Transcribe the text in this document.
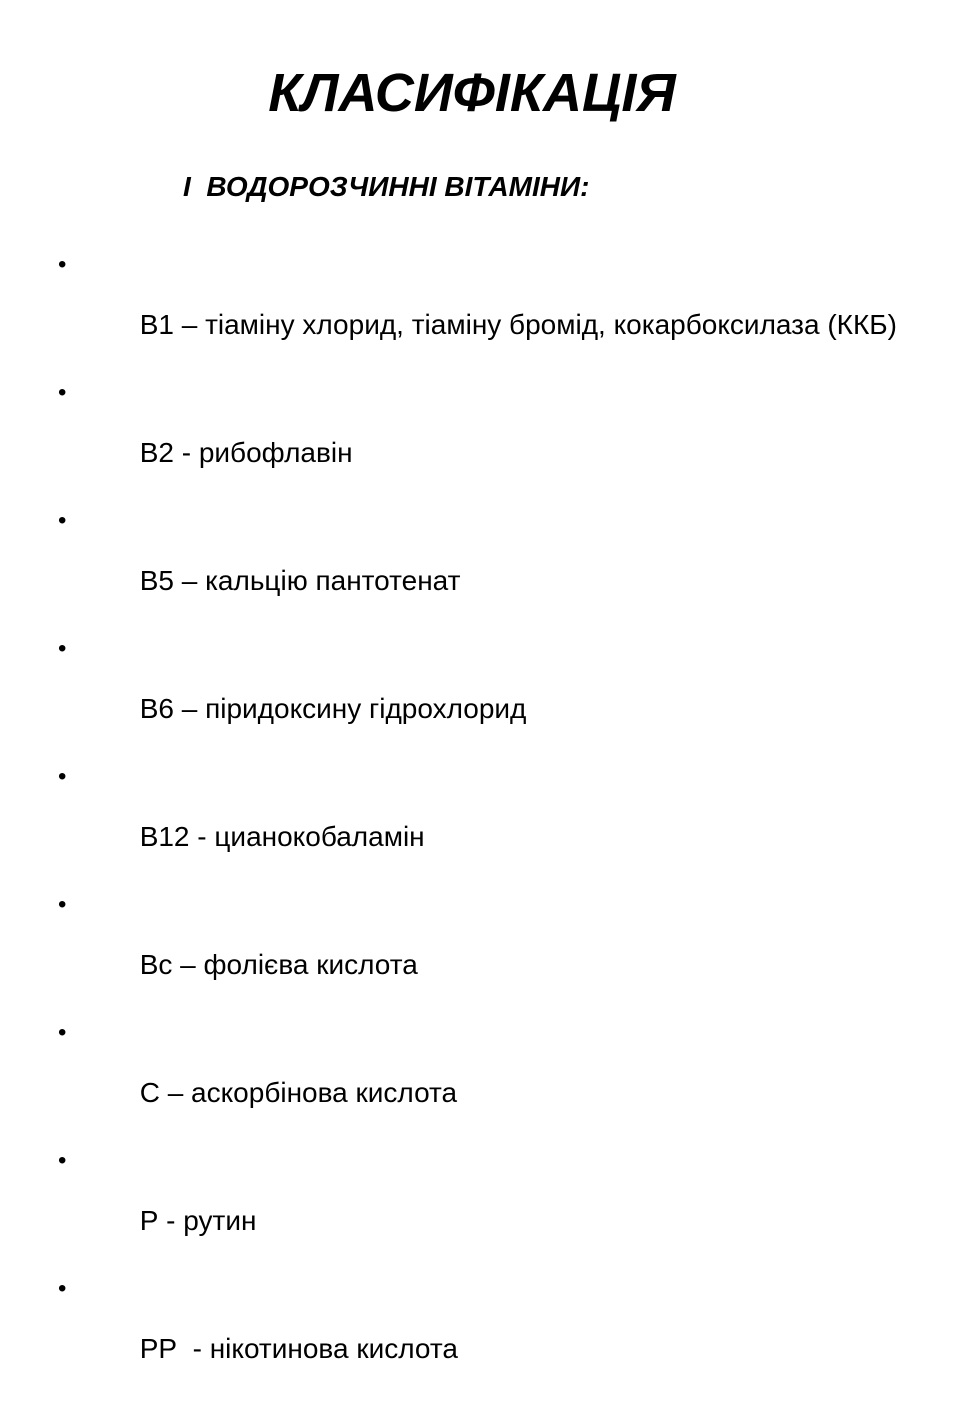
КЛАСИФІКАЦІЯ
І  ВОДОРОЗЧИННІ ВІТАМІНИ:

•

В1 – тіаміну хлорид, тіаміну бромід, кокарбоксилаза (ККБ)

•

В2 - рибофлавін

•

В5 – кальцію пантотенат

•

В6 – піридоксину гідрохлорид

•

В12 - цианокобаламін

•

Вс – фолієва кислота

•

С – аскорбінова кислота

•

Р - рутин

•

РР  - нікотинова кислота
